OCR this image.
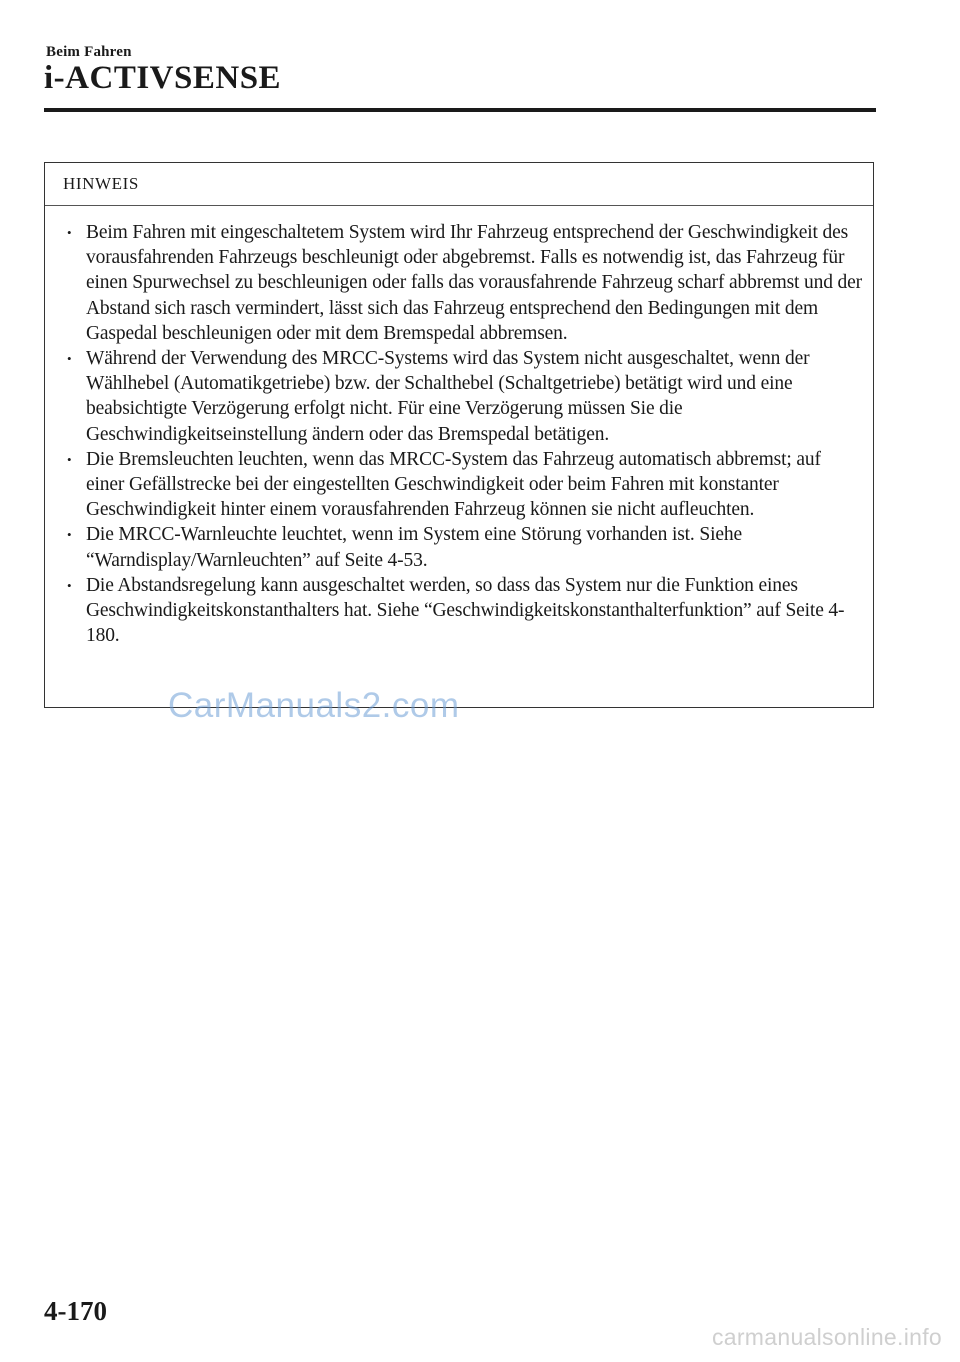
Beim Fahren
i-ACTIVSENSE
HINWEIS
• Beim Fahren mit eingeschaltetem System wird Ihr Fahrzeug entsprechend der Geschwindigkeit des vorausfahrenden Fahrzeugs beschleunigt oder abgebremst. Falls es notwendig ist, das Fahrzeug für einen Spurwechsel zu beschleunigen oder falls das vorausfahrende Fahrzeug scharf abbremst und der Abstand sich rasch vermindert, lässt sich das Fahrzeug entsprechend den Bedingungen mit dem Gaspedal beschleunigen oder mit dem Bremspedal abbremsen.
• Während der Verwendung des MRCC-Systems wird das System nicht ausgeschaltet, wenn der Wählhebel (Automatikgetriebe) bzw. der Schalthebel (Schaltgetriebe) betätigt wird und eine beabsichtigte Verzögerung erfolgt nicht. Für eine Verzögerung müssen Sie die Geschwindigkeitseinstellung ändern oder das Bremspedal betätigen.
• Die Bremsleuchten leuchten, wenn das MRCC-System das Fahrzeug automatisch abbremst; auf einer Gefällstrecke bei der eingestellten Geschwindigkeit oder beim Fahren mit konstanter Geschwindigkeit hinter einem vorausfahrenden Fahrzeug können sie nicht aufleuchten.
• Die MRCC-Warnleuchte leuchtet, wenn im System eine Störung vorhanden ist. Siehe “Warndisplay/Warnleuchten” auf Seite 4-53.
• Die Abstandsregelung kann ausgeschaltet werden, so dass das System nur die Funktion eines Geschwindigkeitskonstanthalters hat. Siehe “Geschwindigkeitskonstanthalterfunktion” auf Seite 4-180.
CarManuals2.com
4-170
carmanualsonline.info
